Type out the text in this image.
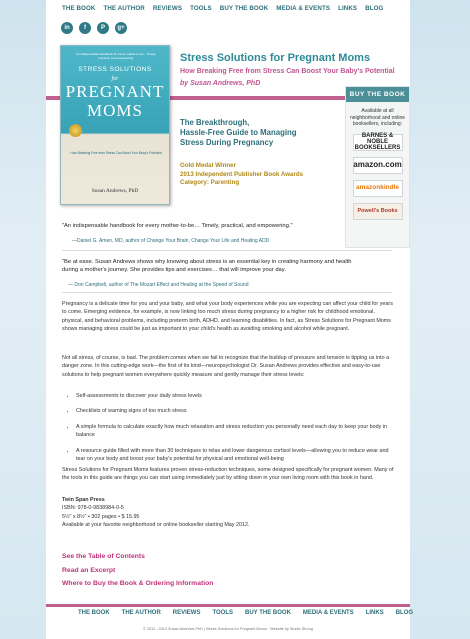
THE BOOK	THE AUTHOR	REVIEWS	TOOLS	BUY THE BOOK	MEDIA & EVENTS	LINKS	BLOG
in	f	P	g+
An indispensable handbook for every mother-to-be... Timely, practical, and empowering.
STRESS SOLUTIONS
for
PREGNANT
MOMS
How Breaking Free from Stress Can Boost Your Baby's Potential
Susan Andrews, PhD
Stress Solutions for Pregnant Moms
How Breaking Free from Stress Can Boost Your Baby's Potential
by Susan Andrews, PhD
The Breakthrough,
Hassle-Free Guide to Managing
Stress During Pregnancy
Gold Medal Winner
2013 Independent Publisher Book Awards
Category: Parenting
BUY THE BOOK
Available at all neighborhood and online booksellers, including:
BARNES & NOBLE BOOKSELLERS
amazon.com
amazonkindle
Powell's Books
"An indispensable handbook for every mother-to-be… Timely, practical, and empowering."
—Daniel G. Amen, MD, author of Change Your Brain, Change Your Life and Healing ADD
"Be at ease. Susan Andrews shows why knowing about stress is an essential key in creating harmony and health during a mother's journey. She provides tips and exercises… that will improve your day.
— Don Campbell, author of The Mozart Effect and Healing at the Speed of Sound
Pregnancy is a delicate time for you and your baby, and what your body experiences while you are expecting can affect your child for years to come. Emerging evidence, for example, is now linking too much stress during pregnancy to a higher risk for childhood emotional, physical, and behavioral problems, including preterm birth, ADHD, and learning disabilities. In fact, as Stress Solutions for Pregnant Moms shows managing stress could be just as important to your child's health as avoiding smoking and alcohol while pregnant.
Not all stress, of course, is bad. The problem comes when we fail to recognize that the buildup of pressure and tension is tipping us into a danger zone. In this cutting-edge work—the first of its kind—neuropsychologist Dr. Susan Andrews provides effective and easy-to-use solutions to help pregnant women everywhere quickly measure and gently manage their stress levels:
• Self-assessments to discover your daily stress levels
• Checklists of warning signs of too much stress
• A simple formula to calculate exactly how much relaxation and stress reduction you personally need each day to keep your body in balance
• A resource guide filled with more than 30 techniques to relax and lower dangerous cortisol levels—allowing you to reduce wear and tear on your body and boost your baby's potential for physical and emotional well-being
Stress Solutions for Pregnant Moms features proven stress-reduction techniques, some designed specifically for pregnant women. Many of the tools in this guide are things you can start using immediately just by sitting down in your own living room with this book in hand.
Twin Span Press
ISBN: 978-0-9838984-0-5
5½" x 8½" • 302 pages • $ 15.95
Available at your favorite neighborhood or online bookseller starting May 2012.
See the Table of Contents
Read an Excerpt
Where to Buy the Book & Ordering Information
THE BOOK	THE AUTHOR	REVIEWS	TOOLS	BUY THE BOOK	MEDIA & EVENTS	LINKS	BLOG
© 2011 - 2013 Susan Andrews PhD | Stress Solutions for Pregnant Moms · Website by Studio Strong
